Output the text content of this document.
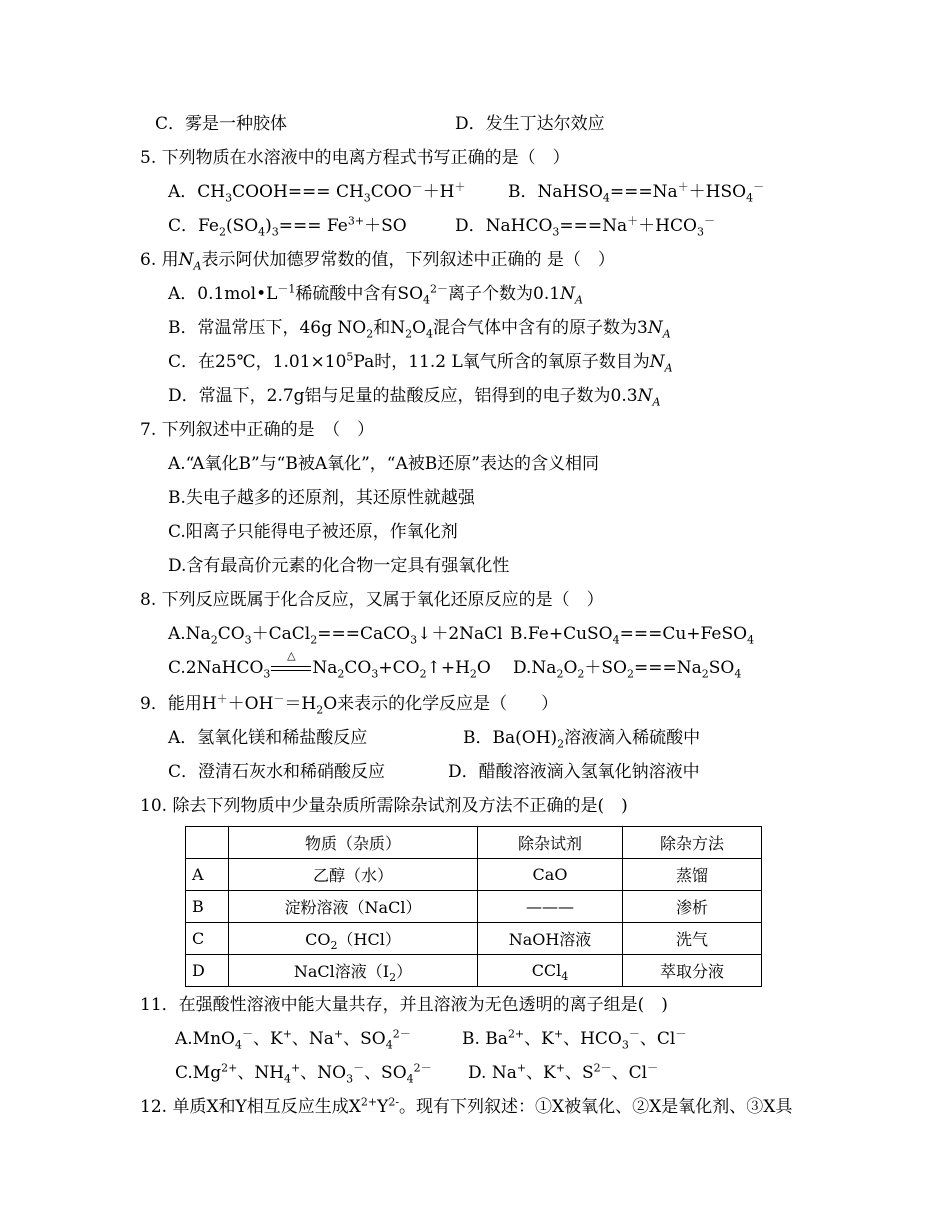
C．雾是一种胶体	D．发生丁达尔效应
5. 下列物质在水溶液中的电离方程式书写正确的是（　）
A．$CH_3COOH=== CH_3COO^-+H^+$ B．$NaHSO_4===Na^++HSO_4^-$
C．$Fe_2(SO_4)_3=== Fe^{3+}+SO$	D．$NaHCO_3===Na^++HCO_3^-$
6. 用$N_A$表示阿伏加德罗常数的值，下列叙述中正确的 是（　）
A．$0.1mol•L^{-1}$稀硫酸中含有$SO_4^{2-}$离子个数为$0.1N_A$
B．常温常压下，46g $NO_2$和$N_2O_4$混合气体中含有的原子数为$3N_A$
C．在25℃，$1.01\times 10^5Pa$时，11.2 L氧气所含的氧原子数目为$N_A$
D．常温下，2.7g铝与足量的盐酸反应，铝得到的电子数为$0.3N_A$
7. 下列叙述中正确的是　（　）
A.“A氧化B”与“B被A氧化”，“A被B还原”表达的含义相同
B.失电子越多的还原剂，其还原性就越强
C.阳离子只能得电子被还原，作氧化剂
D.含有最高价元素的化合物一定具有强氧化性
8. 下列反应既属于化合反应，又属于氧化还原反应的是（　）
$A.Na_2CO_3+CaCl_2===CaCO_3↓+2NaCl$ B.Fe+CuSO$_4$===Cu+FeSO$_4$
C.2NaHCO$_3$
△
$Na_2CO_3+CO_2↑+H_2O$ $D.Na_2O_2+SO_2===Na_2SO_4$
9．能用$H^++OH^-=H_2O$来表示的化学反应是（　　）
A．氢氧化镁和稀盐酸反应	B．$Ba(OH)_2$溶液滴入稀硫酸中
C．澄清石灰水和稀硝酸反应	D．醋酸溶液滴入氢氧化钠溶液中
10. 除去下列物质中少量杂质所需除杂试剂及方法不正确的是(　)
	物质（杂质）	除杂试剂	除杂方法
A	乙醇（水）	CaO	蒸馏
B	淀粉溶液（NaCl）	———	渗析
C	$CO_2(HCl)$	NaOH溶液	洗气
D	NaCl溶液$(I_2)$	CCl$_4$	萃取分液
11．在强酸性溶液中能大量共存，并且溶液为无色透明的离子组是(　)
A.MnO$_4$－、K+、Na+、$SO_4^{2-}$	B. $Ba^{2+}$、K+、$HCO_3^-$、Cl－
$C.Mg^{2+}$、$NH_4^+$、$NO_3^-$、$SO_4^{2-}$ D. Na+、K+、$S^{2-}$、Cl－
12. 单质X和Y相互反应生成$X^{2+}Y^{2-}$。现有下列叙述：①X被氧化、②X是氧化剂、③X具
